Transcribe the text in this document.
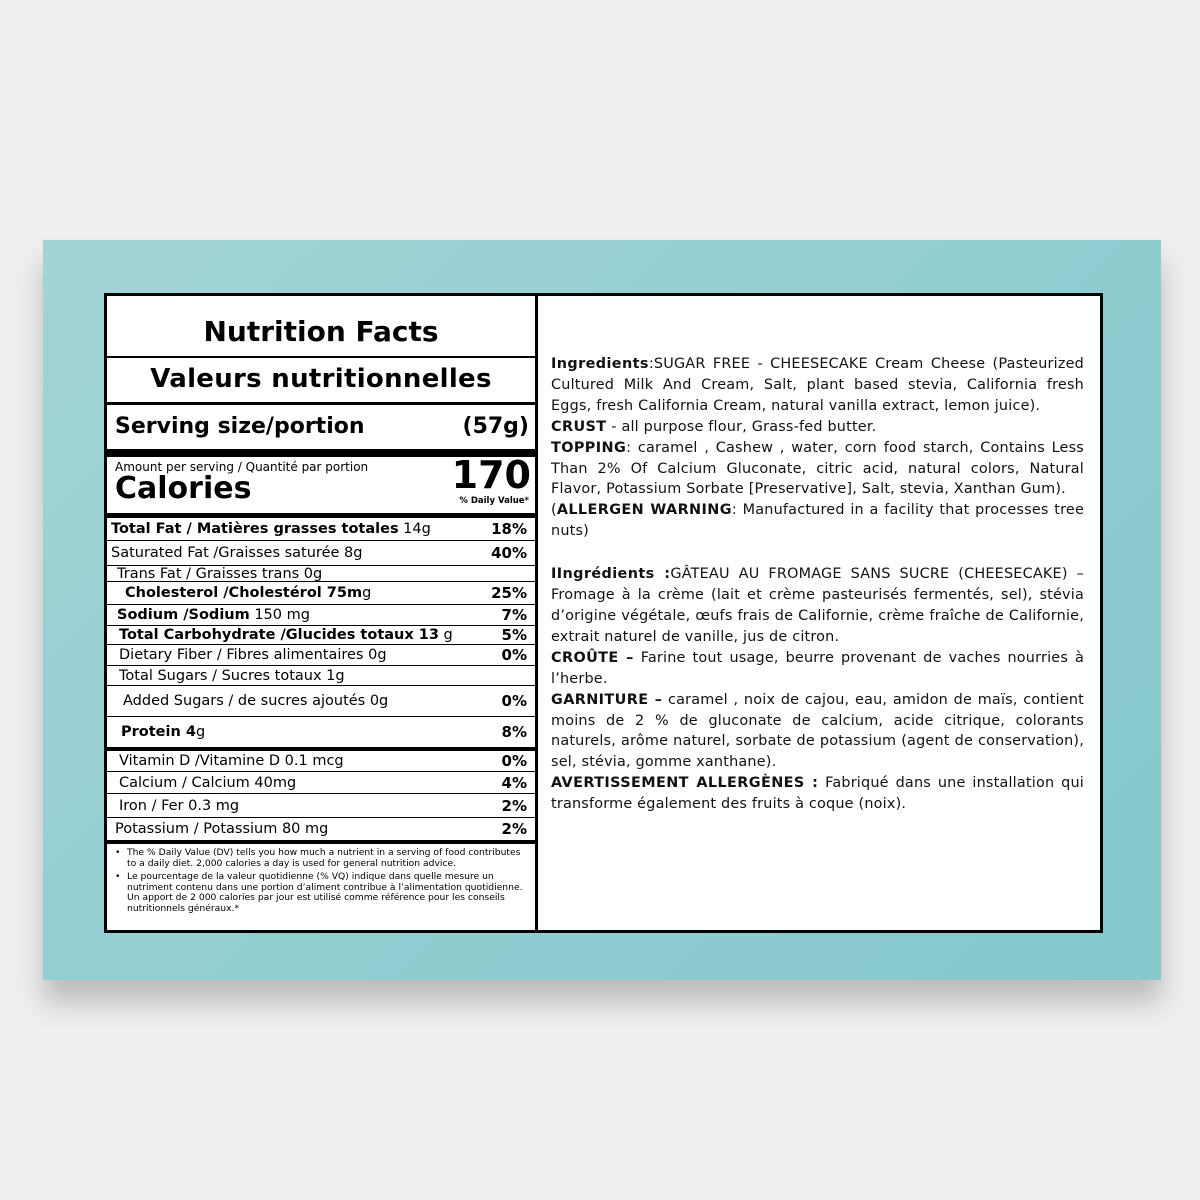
Nutrition Facts
Valeurs nutritionnelles
Serving size/portion	(57g)
Amount per serving / Quantité par portion
Calories	170
% Daily Value*
Total Fat / Matières grasses totales 14g	18%
Saturated Fat /Graisses saturée 8g	40%
Trans Fat / Graisses trans 0g
Cholesterol /Cholestérol 75mg	25%
Sodium /Sodium 150 mg	7%
Total Carbohydrate /Glucides totaux 13 g	5%
Dietary Fiber / Fibres alimentaires 0g	0%
Total Sugars / Sucres totaux 1g
Added Sugars / de sucres ajoutés 0g	0%
Protein 4g	8%
Vitamin D /Vitamine D 0.1 mcg	0%
Calcium / Calcium 40mg	4%
Iron / Fer 0.3 mg	2%
Potassium / Potassium 80 mg	2%
• The % Daily Value (DV) tells you how much a nutrient in a serving of food contributes to a daily diet. 2,000 calories a day is used for general nutrition advice.
• Le pourcentage de la valeur quotidienne (% VQ) indique dans quelle mesure un nutriment contenu dans une portion d’aliment contribue à l’alimentation quotidienne. Un apport de 2 000 calories par jour est utilisé comme référence pour les conseils nutritionnels généraux.*

Ingredients:SUGAR FREE - CHEESECAKE Cream Cheese (Pasteurized Cultured Milk And Cream, Salt, plant based stevia, California fresh Eggs, fresh California Cream, natural vanilla extract, lemon juice).

CRUST - all purpose flour, Grass-fed butter.

TOPPING: caramel , Cashew , water, corn food starch, Contains Less Than 2% Of Calcium Gluconate, citric acid, natural colors, Natural Flavor, Potassium Sorbate [Preservative], Salt, stevia, Xanthan Gum).

(ALLERGEN WARNING: Manufactured in a facility that processes tree nuts)

IIngrédients :GÂTEAU AU FROMAGE SANS SUCRE (CHEESECAKE) – Fromage à la crème (lait et crème pasteurisés fermentés, sel), stévia d’origine végétale, œufs frais de Californie, crème fraîche de Californie, extrait naturel de vanille, jus de citron.

CROÛTE – Farine tout usage, beurre provenant de vaches nourries à l’herbe.

GARNITURE – caramel , noix de cajou, eau, amidon de maïs, contient moins de 2 % de gluconate de calcium, acide citrique, colorants naturels, arôme naturel, sorbate de potassium (agent de conservation), sel, stévia, gomme xanthane).

AVERTISSEMENT ALLERGÈNES : Fabriqué dans une installation qui transforme également des fruits à coque (noix).
